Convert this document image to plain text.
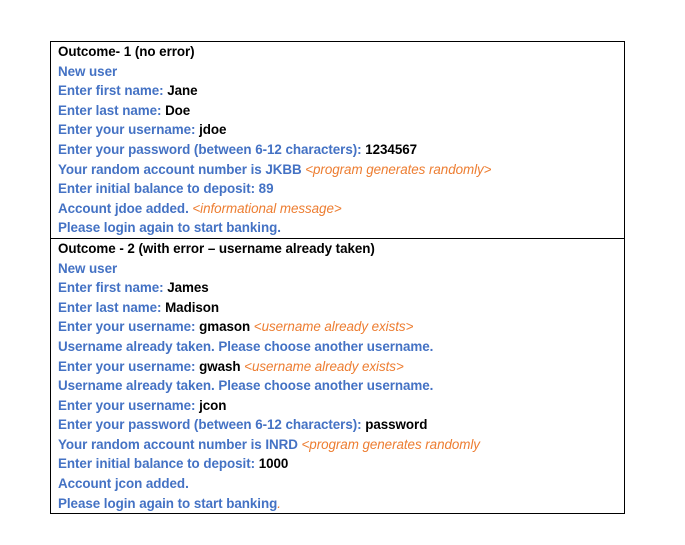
Outcome- 1 (no error)
New user
Enter first name: Jane
Enter last name: Doe
Enter your username: jdoe
Enter your password (between 6-12 characters): 1234567
Your random account number is JKBB <program generates randomly>
Enter initial balance to deposit: 89
Account jdoe added. <informational message>
Please login again to start banking.

Outcome - 2 (with error – username already taken)
New user
Enter first name: James
Enter last name: Madison
Enter your username: gmason <username already exists>
Username already taken. Please choose another username.
Enter your username: gwash <username already exists>
Username already taken. Please choose another username.
Enter your username: jcon
Enter your password (between 6-12 characters): password
Your random account number is INRD <program generates randomly
Enter initial balance to deposit: 1000
Account jcon added.
Please login again to start banking.
